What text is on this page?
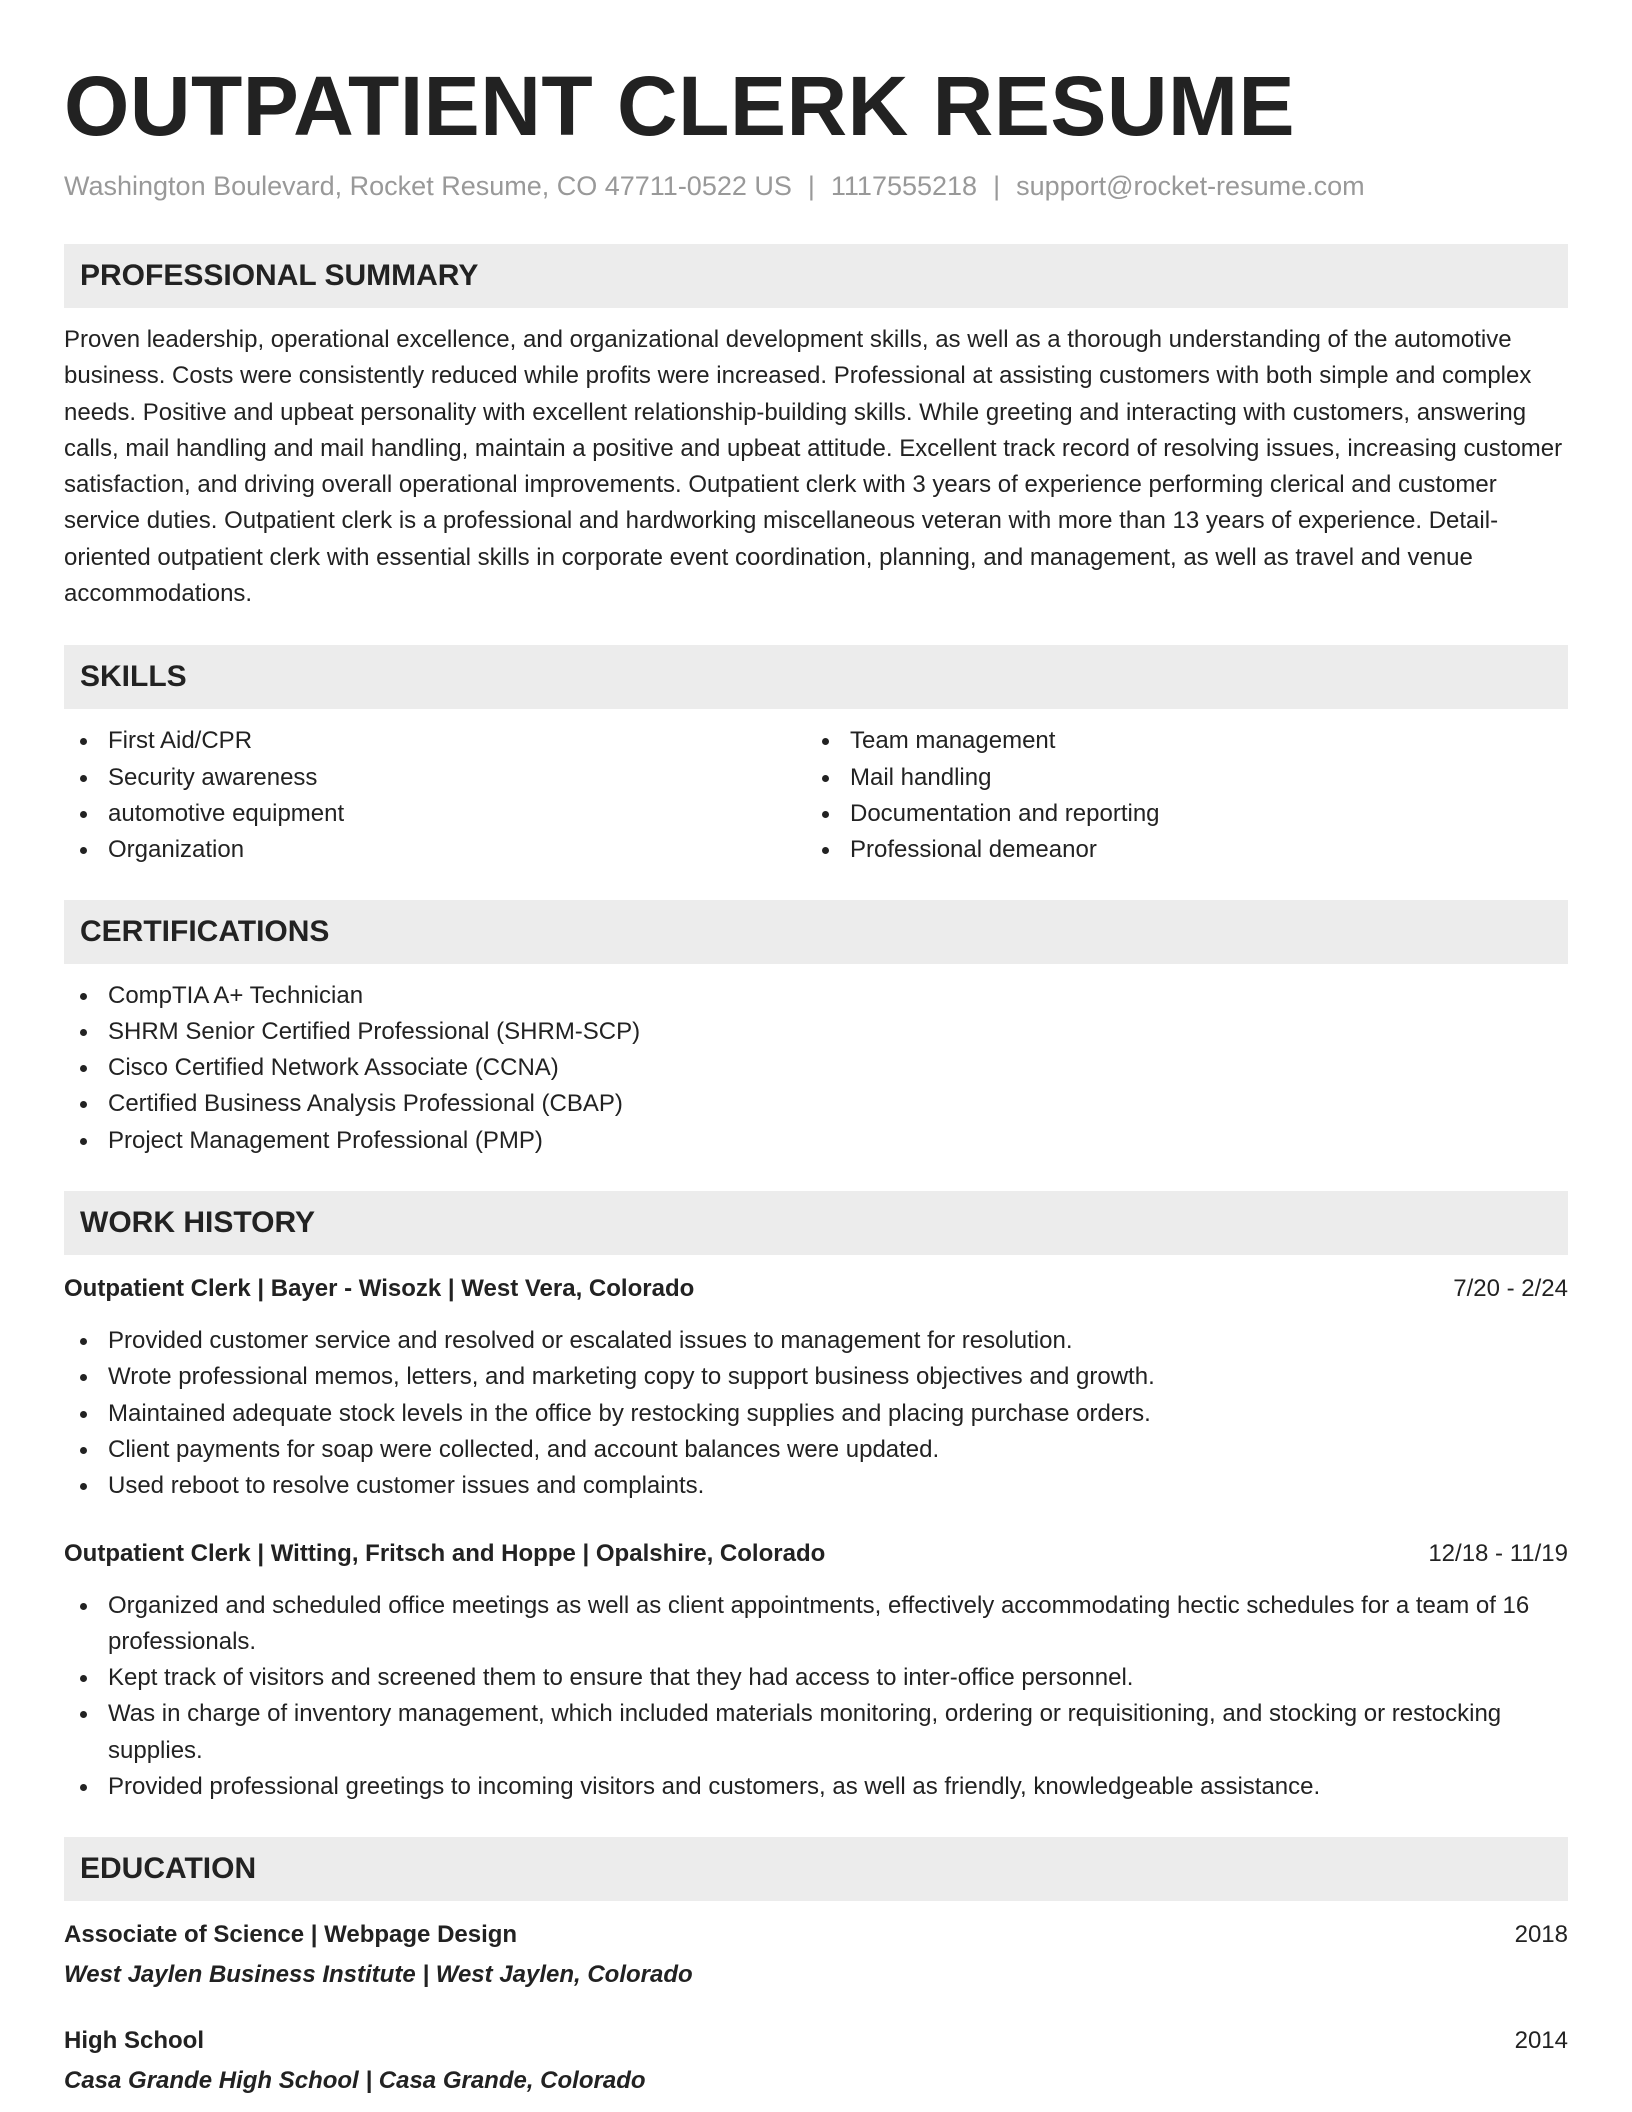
OUTPATIENT CLERK RESUME
Washington Boulevard, Rocket Resume, CO 47711-0522 US | 1117555218 | support@rocket-resume.com
PROFESSIONAL SUMMARY

Proven leadership, operational excellence, and organizational development skills, as well as a thorough understanding of the automotive business. Costs were consistently reduced while profits were increased. Professional at assisting customers with both simple and complex needs. Positive and upbeat personality with excellent relationship-building skills. While greeting and interacting with customers, answering calls, mail handling and mail handling, maintain a positive and upbeat attitude. Excellent track record of resolving issues, increasing customer satisfaction, and driving overall operational improvements. Outpatient clerk with 3 years of experience performing clerical and customer service duties. Outpatient clerk is a professional and hardworking miscellaneous veteran with more than 13 years of experience. Detail-oriented outpatient clerk with essential skills in corporate event coordination, planning, and management, as well as travel and venue accommodations.

SKILLS
First Aid/CPR
Security awareness
automotive equipment
Organization
Team management
Mail handling
Documentation and reporting
Professional demeanor
CERTIFICATIONS
CompTIA A+ Technician
SHRM Senior Certified Professional (SHRM-SCP)
Cisco Certified Network Associate (CCNA)
Certified Business Analysis Professional (CBAP)
Project Management Professional (PMP)
WORK HISTORY
Outpatient Clerk | Bayer - Wisozk | West Vera, Colorado	7/20 - 2/24
Provided customer service and resolved or escalated issues to management for resolution.
Wrote professional memos, letters, and marketing copy to support business objectives and growth.
Maintained adequate stock levels in the office by restocking supplies and placing purchase orders.
Client payments for soap were collected, and account balances were updated.
Used reboot to resolve customer issues and complaints.
Outpatient Clerk | Witting, Fritsch and Hoppe | Opalshire, Colorado	12/18 - 11/19
Organized and scheduled office meetings as well as client appointments, effectively accommodating hectic schedules for a team of 16 professionals.
Kept track of visitors and screened them to ensure that they had access to inter-office personnel.
Was in charge of inventory management, which included materials monitoring, ordering or requisitioning, and stocking or restocking supplies.
Provided professional greetings to incoming visitors and customers, as well as friendly, knowledgeable assistance.
EDUCATION
Associate of Science | Webpage Design	2018
West Jaylen Business Institute | West Jaylen, Colorado
High School	2014
Casa Grande High School | Casa Grande, Colorado
